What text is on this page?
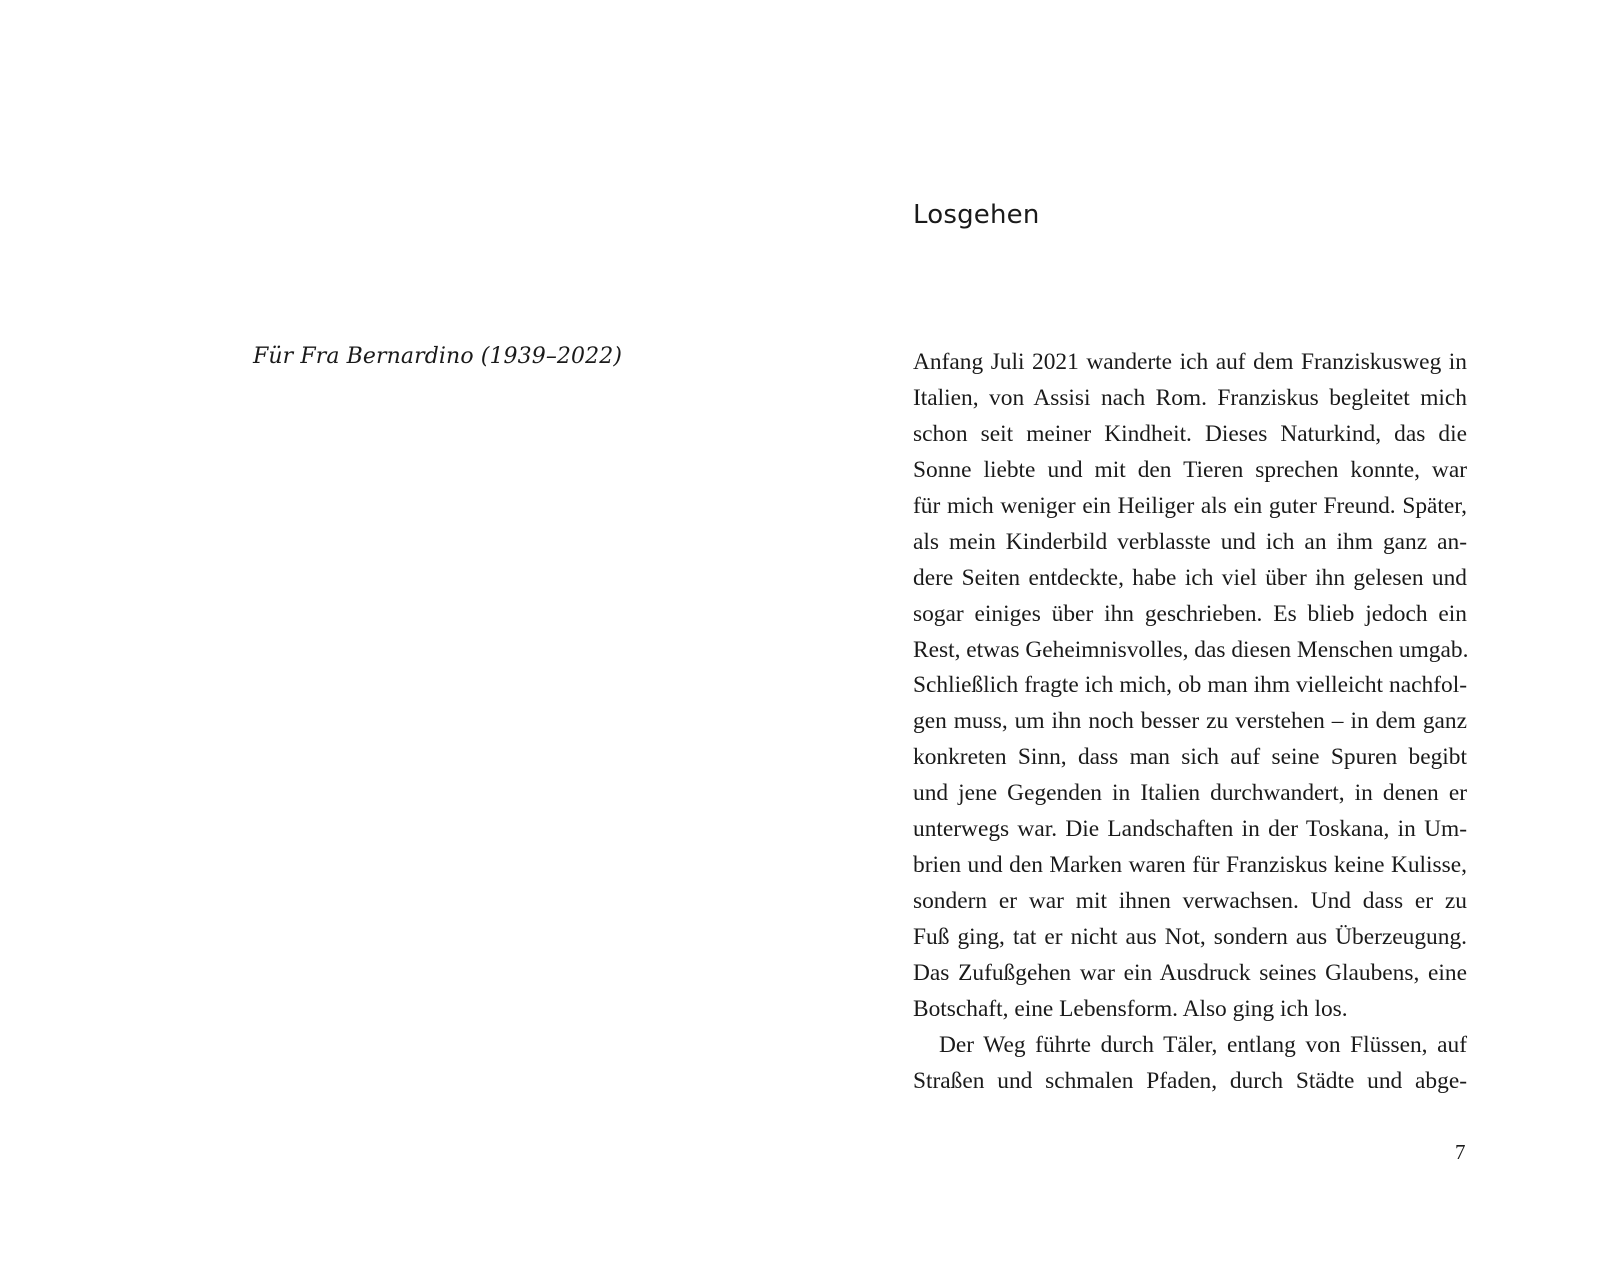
Für Fra Bernardino (1939–2022)
Losgehen
Anfang Juli 2021 wanderte ich auf dem Franziskusweg in
Italien, von Assisi nach Rom. Franziskus begleitet mich
schon seit meiner Kindheit. Dieses Naturkind, das die
Sonne liebte und mit den Tieren sprechen konnte, war
für mich weniger ein Heiliger als ein guter Freund. Später,
als mein Kinderbild verblasste und ich an ihm ganz an-
dere Seiten entdeckte, habe ich viel über ihn gelesen und
sogar einiges über ihn geschrieben. Es blieb jedoch ein
Rest, etwas Geheimnisvolles, das diesen Menschen umgab.
Schließlich fragte ich mich, ob man ihm vielleicht nachfol-
gen muss, um ihn noch besser zu verstehen – in dem ganz
konkreten Sinn, dass man sich auf seine Spuren begibt
und jene Gegenden in Italien durchwandert, in denen er
unterwegs war. Die Landschaften in der Toskana, in Um-
brien und den Marken waren für Franziskus keine Kulisse,
sondern er war mit ihnen verwachsen. Und dass er zu
Fuß ging, tat er nicht aus Not, sondern aus Überzeugung.
Das Zufußgehen war ein Ausdruck seines Glaubens, eine
Botschaft, eine Lebensform. Also ging ich los.
Der Weg führte durch Täler, entlang von Flüssen, auf
Straßen und schmalen Pfaden, durch Städte und abge-
7
